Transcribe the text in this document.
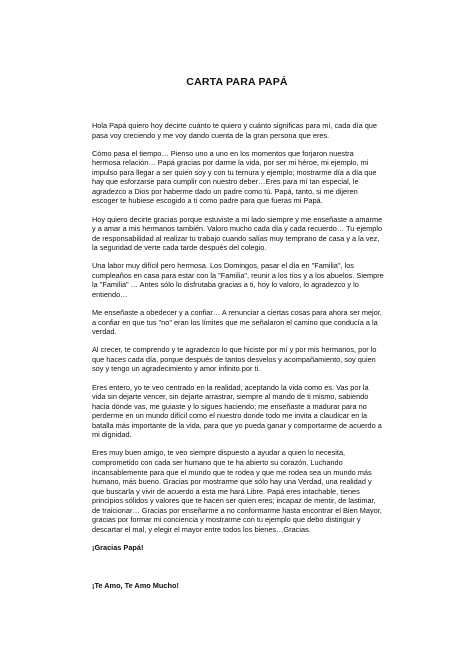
CARTA PARA PAPÁ

Hola Papá quiero hoy decirte cuánto te quiero y cuánto significas para mí, cada día que pasa voy creciendo y me voy dando cuenta de la gran persona que eres.

Cómo pasa el tiempo… Pienso uno a uno en los momentos que forjaron nuestra hermosa relación… Papá gracias por darme la vida, por ser mi héroe, mi ejemplo, mi impulso para llegar a ser quien soy y con tu ternura y ejemplo; mostrarme día a día que hay que esforzarse para cumplir con nuestro deber…Eres para mí tan especial, le agradezco a Dios por haberme dado un padre como tú. Papá, tanto, si me dijeren escoger te hubiese escogido a ti como padre para que fueras mi Papá.

Hoy quiero decirte gracias porque estuviste a mi lado siempre y me enseñaste a amarme y a amar a mis hermanos también. Valoro mucho cada día y cada recuerdo… Tu ejemplo de responsabilidad al realizar tu trabajo cuando salías muy temprano de casa y a la vez, la seguridad de verte cada tarde después del colegio.

Una labor muy difícil pero hermosa. Los Domingos, pasar el día en "Familia", los cumpleaños en casa para estar con la "Familia", reunir a los tíos y a los abuelos. Siempre la "Familia" … Antes sólo lo disfrutaba gracias a ti, hoy lo valoro, lo agradezco y lo entiendo…

Me enseñaste a obedecer y a confiar… A renunciar a ciertas cosas para ahora ser mejor, a confiar en que tus "no" eran los límites que me señalaron el camino que conducía a la verdad.

Al crecer, te comprendo y te agradezco lo que hiciste por mí y por mis hermanos, por lo que haces cada día, porque después de tantos desvelos y acompañamiento, soy quien soy y tengo un agradecimiento y amor infinito por ti.

Eres entero, yo te veo centrado en la realidad, aceptando la vida como es. Vas por la vida sin dejarte vencer, sin dejarte arrastrar, siempre al mando de ti mismo, sabiendo hacia dónde vas, me guiaste y lo sigues haciendo; me enseñaste a madurar para no perderme en un mundo difícil como el nuestro donde todo me invita a claudicar en la batalla más importante de la vida, para que yo pueda ganar y comportarme de acuerdo a mi dignidad.

Eres muy buen amigo, te veo siempre dispuesto a ayudar a quien lo necesita, comprometido con cada ser humano que te ha abierto su corazón. Luchando incansablemente para que el mundo que te rodea y que me rodea sea un mundo más humano, más bueno. Gracias por mostrarme que sólo hay una Verdad, una realidad y que buscarla y vivir de acuerdo a esta me hará Libre. Papá eres intachable, tienes principios sólidos y valores que te hacen ser quien eres; incapaz de mentir, de lastimar, de traicionar… Gracias por enseñarme a no conformarme hasta encontrar el Bien Mayor, gracias por formar mi conciencia y mostrarme con tu ejemplo que debo distinguir y descartar el mal, y elegir el mayor entre todos los bienes…Gracias.

¡Gracias Papá!

¡Te Amo, Te Amo Mucho!
